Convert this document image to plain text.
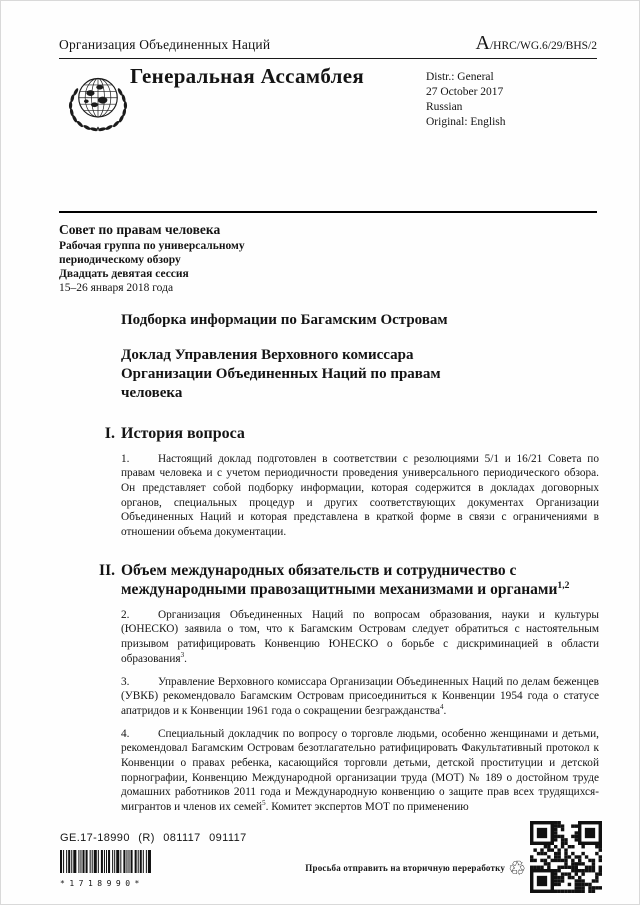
Организация Объединенных Наций	A/HRC/WG.6/29/BHS/2
Генеральная Ассамблея	Distr.: General
27 October 2017
Russian
Original: English
Совет по правам человека
Рабочая группа по универсальному
периодическому обзору
Двадцать девятая сессия
15–26 января 2018 года
Подборка информации по Багамским Островам
Доклад Управления Верховного комиссара Организации Объединенных Наций по правам человека
I. История вопроса
1.	Настоящий доклад подготовлен в соответствии с резолюциями 5/1 и 16/21 Совета по правам человека и с учетом периодичности проведения универсального периодического обзора. Он представляет собой подборку информации, которая содержится в докладах договорных органов, специальных процедур и других соответствующих документах Организации Объединенных Наций и которая представлена в краткой форме в связи с ограничениями в отношении объема документации.
II. Объем международных обязательств и сотрудничество с международными правозащитными механизмами и органами$^{1,2}$
2.	Организация Объединенных Наций по вопросам образования, науки и культуры (ЮНЕСКО) заявила о том, что к Багамским Островам следует обратиться с настоятельным призывом ратифицировать Конвенцию ЮНЕСКО о борьбе с дискриминацией в области образования$^3$.
3.	Управление Верховного комиссара Организации Объединенных Наций по делам беженцев (УВКБ) рекомендовало Багамским Островам присоединиться к Конвенции 1954 года о статусе апатридов и к Конвенции 1961 года о сокращении безгражданства$^4$.
4.	Специальный докладчик по вопросу о торговле людьми, особенно женщинами и детьми, рекомендовал Багамским Островам безотлагательно ратифицировать Факультативный протокол к Конвенции о правах ребенка, касающийся торговли детьми, детской проституции и детской порнографии, Конвенцию Международной организации труда (МОТ) № 189 о достойном труде домашних работников 2011 года и Международную конвенцию о защите прав всех трудящихся-мигрантов и членов их семей$^5$. Комитет экспертов МОТ по применению
GE.17-18990 (R) 081117 091117
*1718990*
Просьба отправить на вторичную переработку ♲
